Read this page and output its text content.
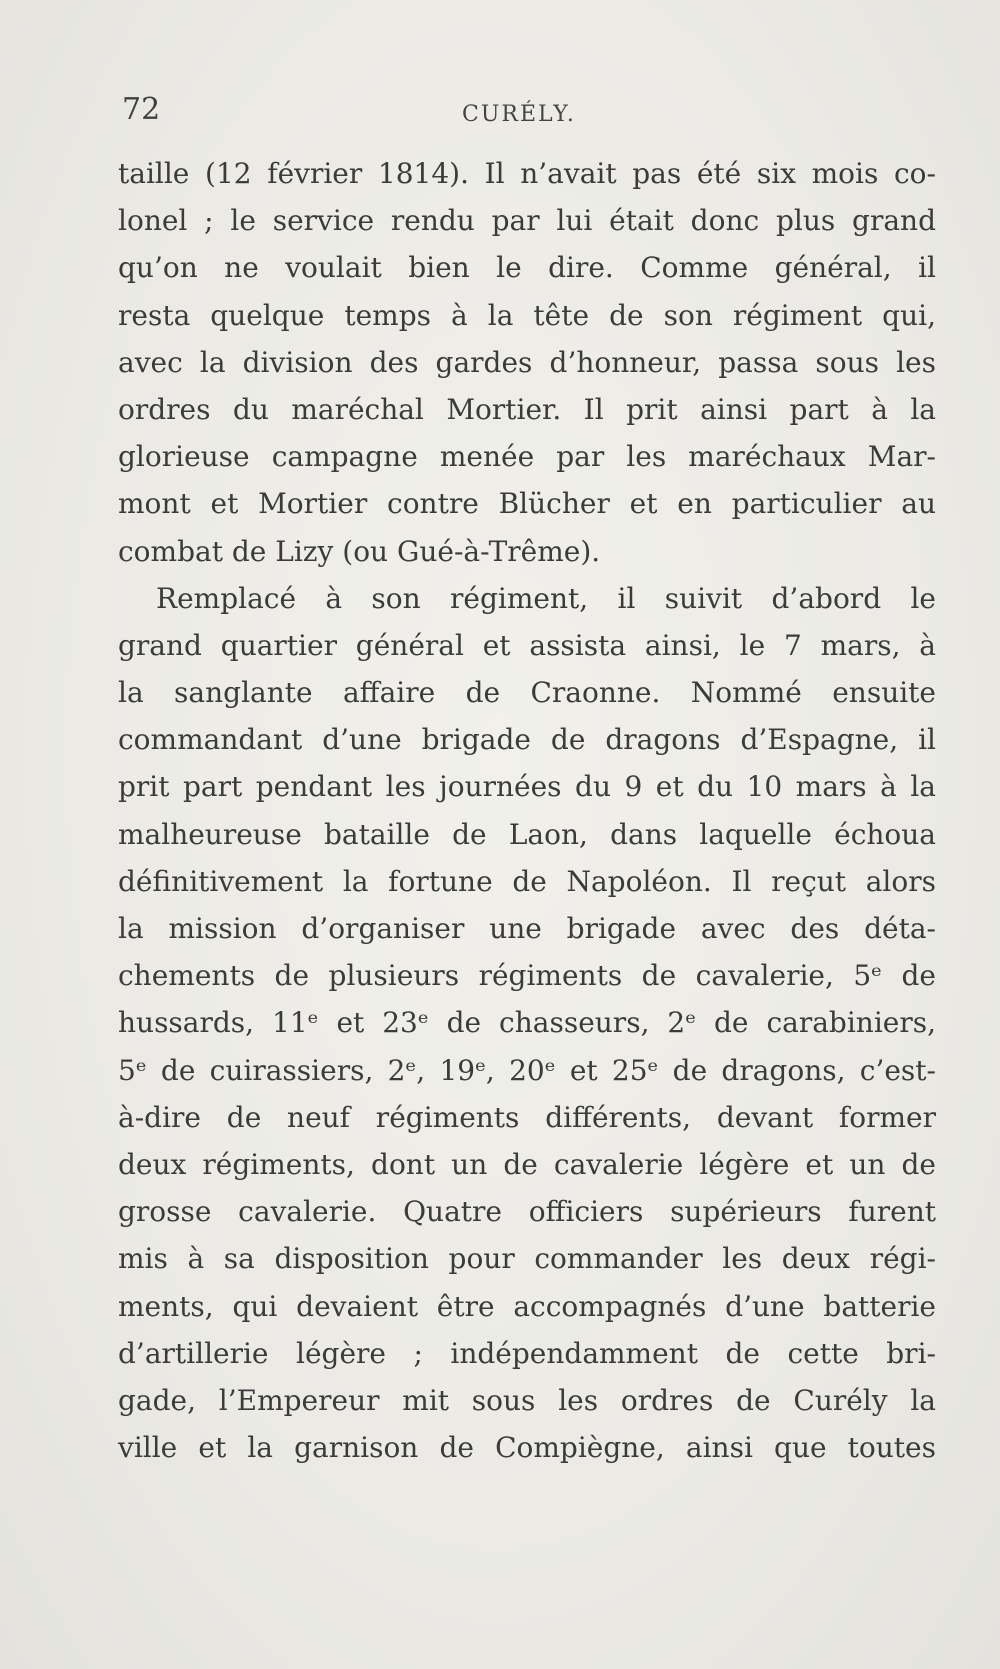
72	CURÉLY.
taille (12 février 1814). Il n’avait pas été six mois co-
lonel ; le service rendu par lui était donc plus grand
qu’on ne voulait bien le dire. Comme général, il
resta quelque temps à la tête de son régiment qui,
avec la division des gardes d’honneur, passa sous les
ordres du maréchal Mortier. Il prit ainsi part à la
glorieuse campagne menée par les maréchaux Mar-
mont et Mortier contre Blücher et en particulier au
combat de Lizy (ou Gué-à-Trême).
Remplacé à son régiment, il suivit d’abord le
grand quartier général et assista ainsi, le 7 mars, à
la sanglante affaire de Craonne. Nommé ensuite
commandant d’une brigade de dragons d’Espagne, il
prit part pendant les journées du 9 et du 10 mars à la
malheureuse bataille de Laon, dans laquelle échoua
définitivement la fortune de Napoléon. Il reçut alors
la mission d’organiser une brigade avec des déta-
chements de plusieurs régiments de cavalerie, 5ᵉ de
hussards, 11ᵉ et 23ᵉ de chasseurs, 2ᵉ de carabiniers,
5ᵉ de cuirassiers, 2ᵉ, 19ᵉ, 20ᵉ et 25ᵉ de dragons, c’est-
à-dire de neuf régiments différents, devant former
deux régiments, dont un de cavalerie légère et un de
grosse cavalerie. Quatre officiers supérieurs furent
mis à sa disposition pour commander les deux régi-
ments, qui devaient être accompagnés d’une batterie
d’artillerie légère ; indépendamment de cette bri-
gade, l’Empereur mit sous les ordres de Curély la
ville et la garnison de Compiègne, ainsi que toutes
